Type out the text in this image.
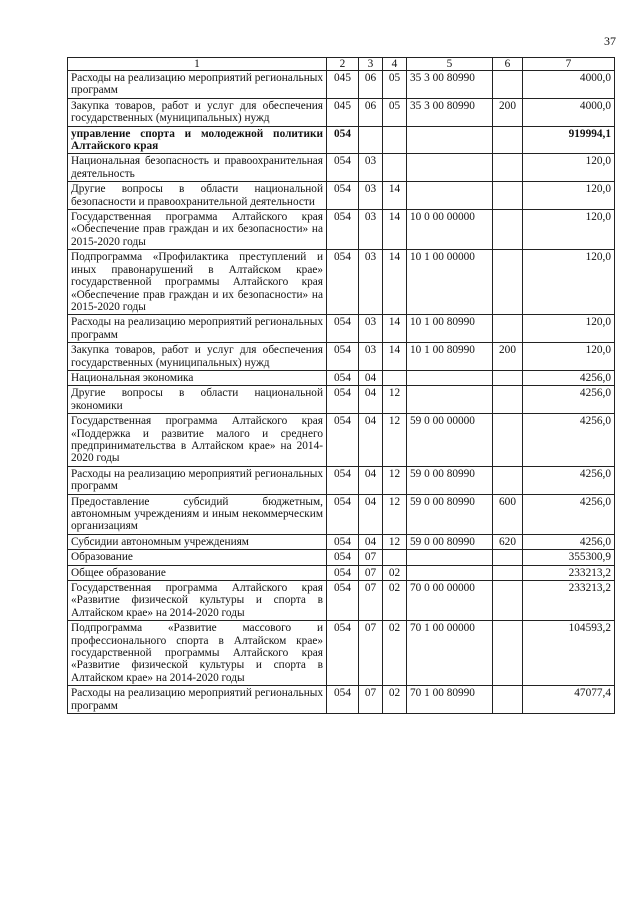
37
1	2	3	4	5	6	7
Расходы на реализацию мероприятий региональных программ	045	06	05	35 3 00 80990		4000,0
Закупка товаров, работ и услуг для обеспечения государственных (муниципальных) нужд	045	06	05	35 3 00 80990	200	4000,0
управление спорта и молодежной политики Алтайского края	054					919994,1
Национальная безопасность и правоохранительная деятельность	054	03				120,0
Другие вопросы в области национальной безопасности и правоохранительной деятельности	054	03	14			120,0
Государственная программа Алтайского края «Обеспечение прав граждан и их безопасности» на 2015-2020 годы	054	03	14	10 0 00 00000		120,0
Подпрограмма «Профилактика преступлений и иных правонарушений в Алтайском крае» государственной программы Алтайского края «Обеспечение прав граждан и их безопасности» на 2015-2020 годы	054	03	14	10 1 00 00000		120,0
Расходы на реализацию мероприятий региональных программ	054	03	14	10 1 00 80990		120,0
Закупка товаров, работ и услуг для обеспечения государственных (муниципальных) нужд	054	03	14	10 1 00 80990	200	120,0
Национальная экономика	054	04				4256,0
Другие вопросы в области национальной экономики	054	04	12			4256,0
Государственная программа Алтайского края «Поддержка и развитие малого и среднего предпринимательства в Алтайском крае» на 2014-2020 годы	054	04	12	59 0 00 00000		4256,0
Расходы на реализацию мероприятий региональных программ	054	04	12	59 0 00 80990		4256,0
Предоставление субсидий бюджетным, автономным учреждениям и иным некоммерческим организациям	054	04	12	59 0 00 80990	600	4256,0
Субсидии автономным учреждениям	054	04	12	59 0 00 80990	620	4256,0
Образование	054	07				355300,9
Общее образование	054	07	02			233213,2
Государственная программа Алтайского края «Развитие физической культуры и спорта в Алтайском крае» на 2014-2020 годы	054	07	02	70 0 00 00000		233213,2
Подпрограмма «Развитие массового и профессионального спорта в Алтайском крае» государственной программы Алтайского края «Развитие физической культуры и спорта в Алтайском крае» на 2014-2020 годы	054	07	02	70 1 00 00000		104593,2
Расходы на реализацию мероприятий региональных программ	054	07	02	70 1 00 80990		47077,4
